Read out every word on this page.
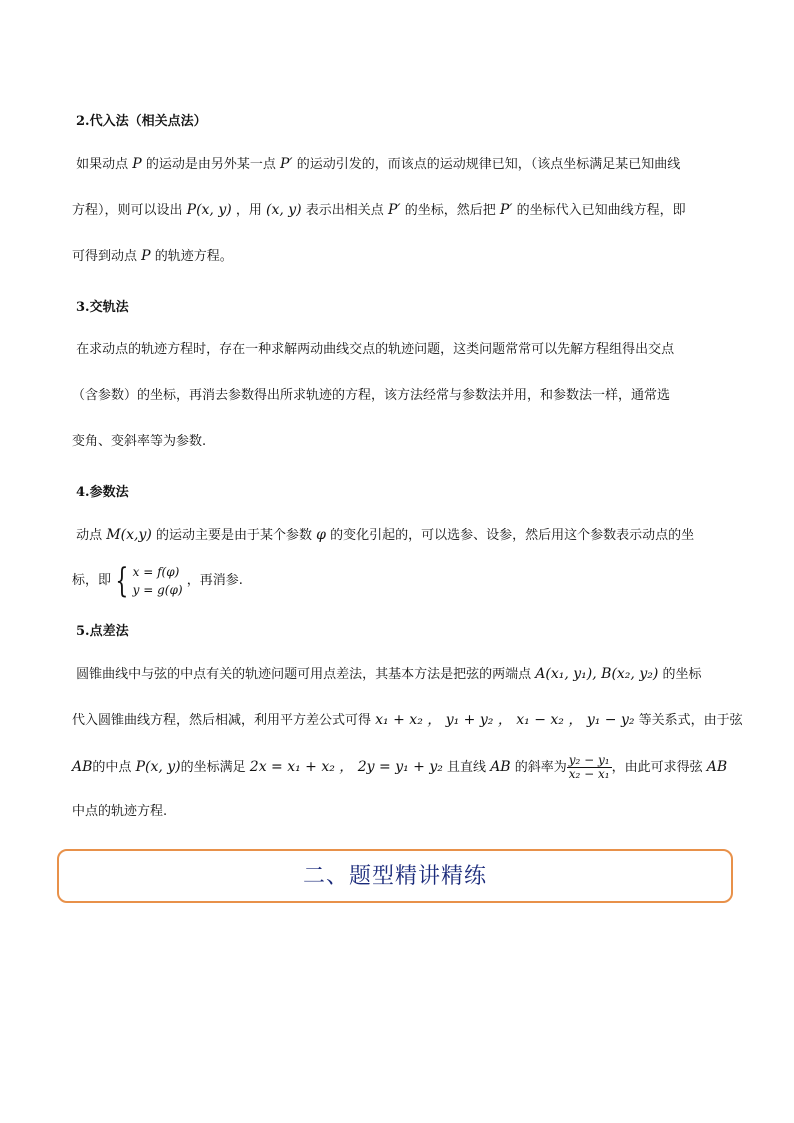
2.代入法（相关点法）
如果动点 P 的运动是由另外某一点 P′ 的运动引发的，而该点的运动规律已知，（该点坐标满足某已知曲线
方程），则可以设出 P(x, y) ，用 (x, y) 表示出相关点 P′ 的坐标，然后把 P′ 的坐标代入已知曲线方程，即
可得到动点 P 的轨迹方程。
3.交轨法
在求动点的轨迹方程时，存在一种求解两动曲线交点的轨迹问题，这类问题常常可以先解方程组得出交点
（含参数）的坐标，再消去参数得出所求轨迹的方程，该方法经常与参数法并用，和参数法一样，通常选
变角、变斜率等为参数.
4.参数法
动点 M(x,y) 的运动主要是由于某个参数 φ 的变化引起的，可以选参、设参，然后用这个参数表示动点的坐
标，即 { x = f(φ)
y = g(φ)
，再消参.
5.点差法
圆锥曲线中与弦的中点有关的轨迹问题可用点差法，其基本方法是把弦的两端点 A(x₁, y₁), B(x₂, y₂) 的坐标
代入圆锥曲线方程，然后相减，利用平方差公式可得 x₁ + x₂ ， y₁ + y₂ ， x₁ − x₂ ， y₁ − y₂ 等关系式，由于弦
AB的中点 P(x, y)的坐标满足 2x = x₁ + x₂ ， 2y = y₁ + y₂ 且直线 AB 的斜率为 $\frac{\text{y₂ − y₁}}{\text{x₂ − x₁}}$ ，由此可求得弦 AB
中点的轨迹方程.
二、题型精讲精练
